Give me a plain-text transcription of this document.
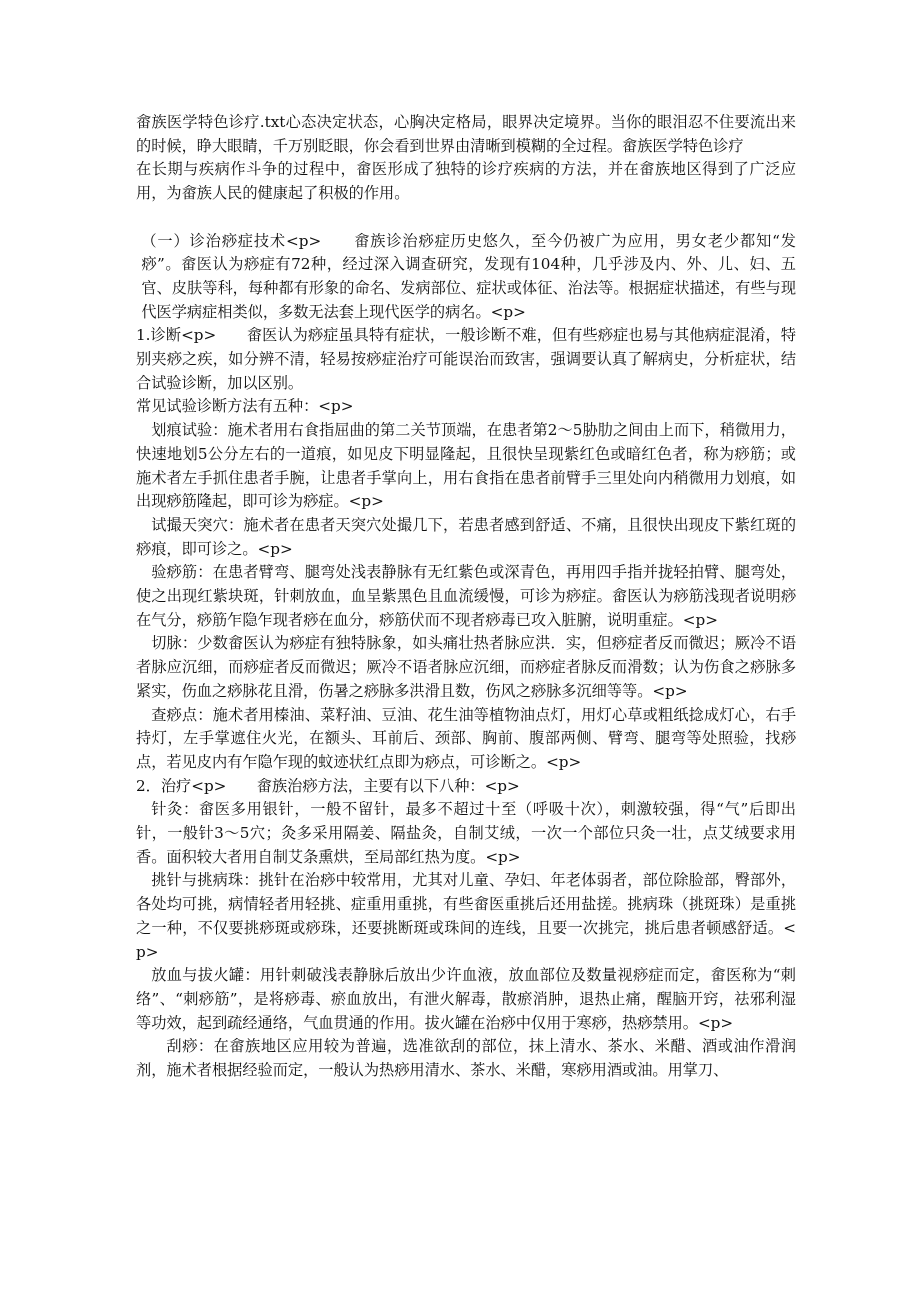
畲族医学特色诊疗.txt心态决定状态，心胸决定格局，眼界决定境界。当你的眼泪忍不住要流出来的时候，睁大眼睛，千万别眨眼，你会看到世界由清晰到模糊的全过程。畲族医学特色诊疗

在长期与疾病作斗争的过程中，畲医形成了独特的诊疗疾病的方法，并在畲族地区得到了广泛应用，为畲族人民的健康起了积极的作用。

（一）诊治痧症技术<p>　　畲族诊治痧症历史悠久，至今仍被广为应用，男女老少都知“发痧”。畲医认为痧症有72种，经过深入调查研究，发现有104种，几乎涉及内、外、儿、妇、五官、皮肤等科，每种都有形象的命名、发病部位、症状或体征、治法等。根据症状描述，有些与现代医学病症相类似，多数无法套上现代医学的病名。<p>

1.诊断<p>　　畲医认为痧症虽具特有症状，一般诊断不难，但有些痧症也易与其他病症混淆，特别夹痧之疾，如分辨不清，轻易按痧症治疗可能误治而致害，强调要认真了解病史，分析症状，结合试验诊断，加以区别。

常见试验诊断方法有五种：<p>

划痕试验：施术者用右食指屈曲的第二关节顶端，在患者第2～5胁肋之间由上而下，稍微用力，快速地划5公分左右的一道痕，如见皮下明显隆起，且很快呈现紫红色或暗红色者，称为痧筋；或施术者左手抓住患者手腕，让患者手掌向上，用右食指在患者前臂手三里处向内稍微用力划痕，如出现痧筋隆起，即可诊为痧症。<p>

试撮天突穴：施术者在患者天突穴处撮几下，若患者感到舒适、不痛，且很快出现皮下紫红斑的痧痕，即可诊之。<p>

验痧筋：在患者臂弯、腿弯处浅表静脉有无红紫色或深青色，再用四手指并拢轻拍臂、腿弯处，使之出现红紫块斑，针刺放血，血呈紫黑色且血流缓慢，可诊为痧症。畲医认为痧筋浅现者说明痧在气分，痧筋乍隐乍现者痧在血分，痧筋伏而不现者痧毒已攻入脏腑，说明重症。<p>

切脉：少数畲医认为痧症有独特脉象，如头痛壮热者脉应洪．实，但痧症者反而微迟；厥冷不语者脉应沉细，而痧症者反而微迟；厥冷不语者脉应沉细，而痧症者脉反而滑数；认为伤食之痧脉多紧实，伤血之痧脉花且滑，伤暑之痧脉多洪滑且数，伤风之痧脉多沉细等等。<p>

查痧点：施术者用榛油、菜籽油、豆油、花生油等植物油点灯，用灯心草或粗纸捻成灯心，右手持灯，左手掌遮住火光，在额头、耳前后、颈部、胸前、腹部两侧、臂弯、腿弯等处照验，找痧点，若见皮内有乍隐乍现的蚊迹状红点即为痧点，可诊断之。<p>

2．治疗<p>　　畲族治痧方法，主要有以下八种：<p>

针灸：畲医多用银针，一般不留针，最多不超过十至（呼吸十次），刺激较强，得“气”后即出针，一般针3～5穴；灸多采用隔姜、隔盐灸，自制艾绒，一次一个部位只灸一壮，点艾绒要求用香。面积较大者用自制艾条熏烘，至局部红热为度。<p>

挑针与挑病珠：挑针在治痧中较常用，尤其对儿童、孕妇、年老体弱者，部位除脸部，臀部外，各处均可挑，病情轻者用轻挑、症重用重挑，有些畲医重挑后还用盐搓。挑病珠（挑斑珠）是重挑之一种，不仅要挑痧斑或痧珠，还要挑断斑或珠间的连线，且要一次挑完，挑后患者顿感舒适。<p>

放血与拔火罐：用针刺破浅表静脉后放出少许血液，放血部位及数量视痧症而定，畲医称为“刺络”、“刺痧筋”，是将痧毒、瘀血放出，有泄火解毒，散瘀消肿，退热止痛，醒脑开窍，祛邪利湿等功效，起到疏经通络，气血贯通的作用。拔火罐在治痧中仅用于寒痧，热痧禁用。<p>

刮痧：在畲族地区应用较为普遍，选准欲刮的部位，抹上清水、茶水、米醋、酒或油作滑润剂，施术者根据经验而定，一般认为热痧用清水、茶水、米醋，寒痧用酒或油。用掌刀、
